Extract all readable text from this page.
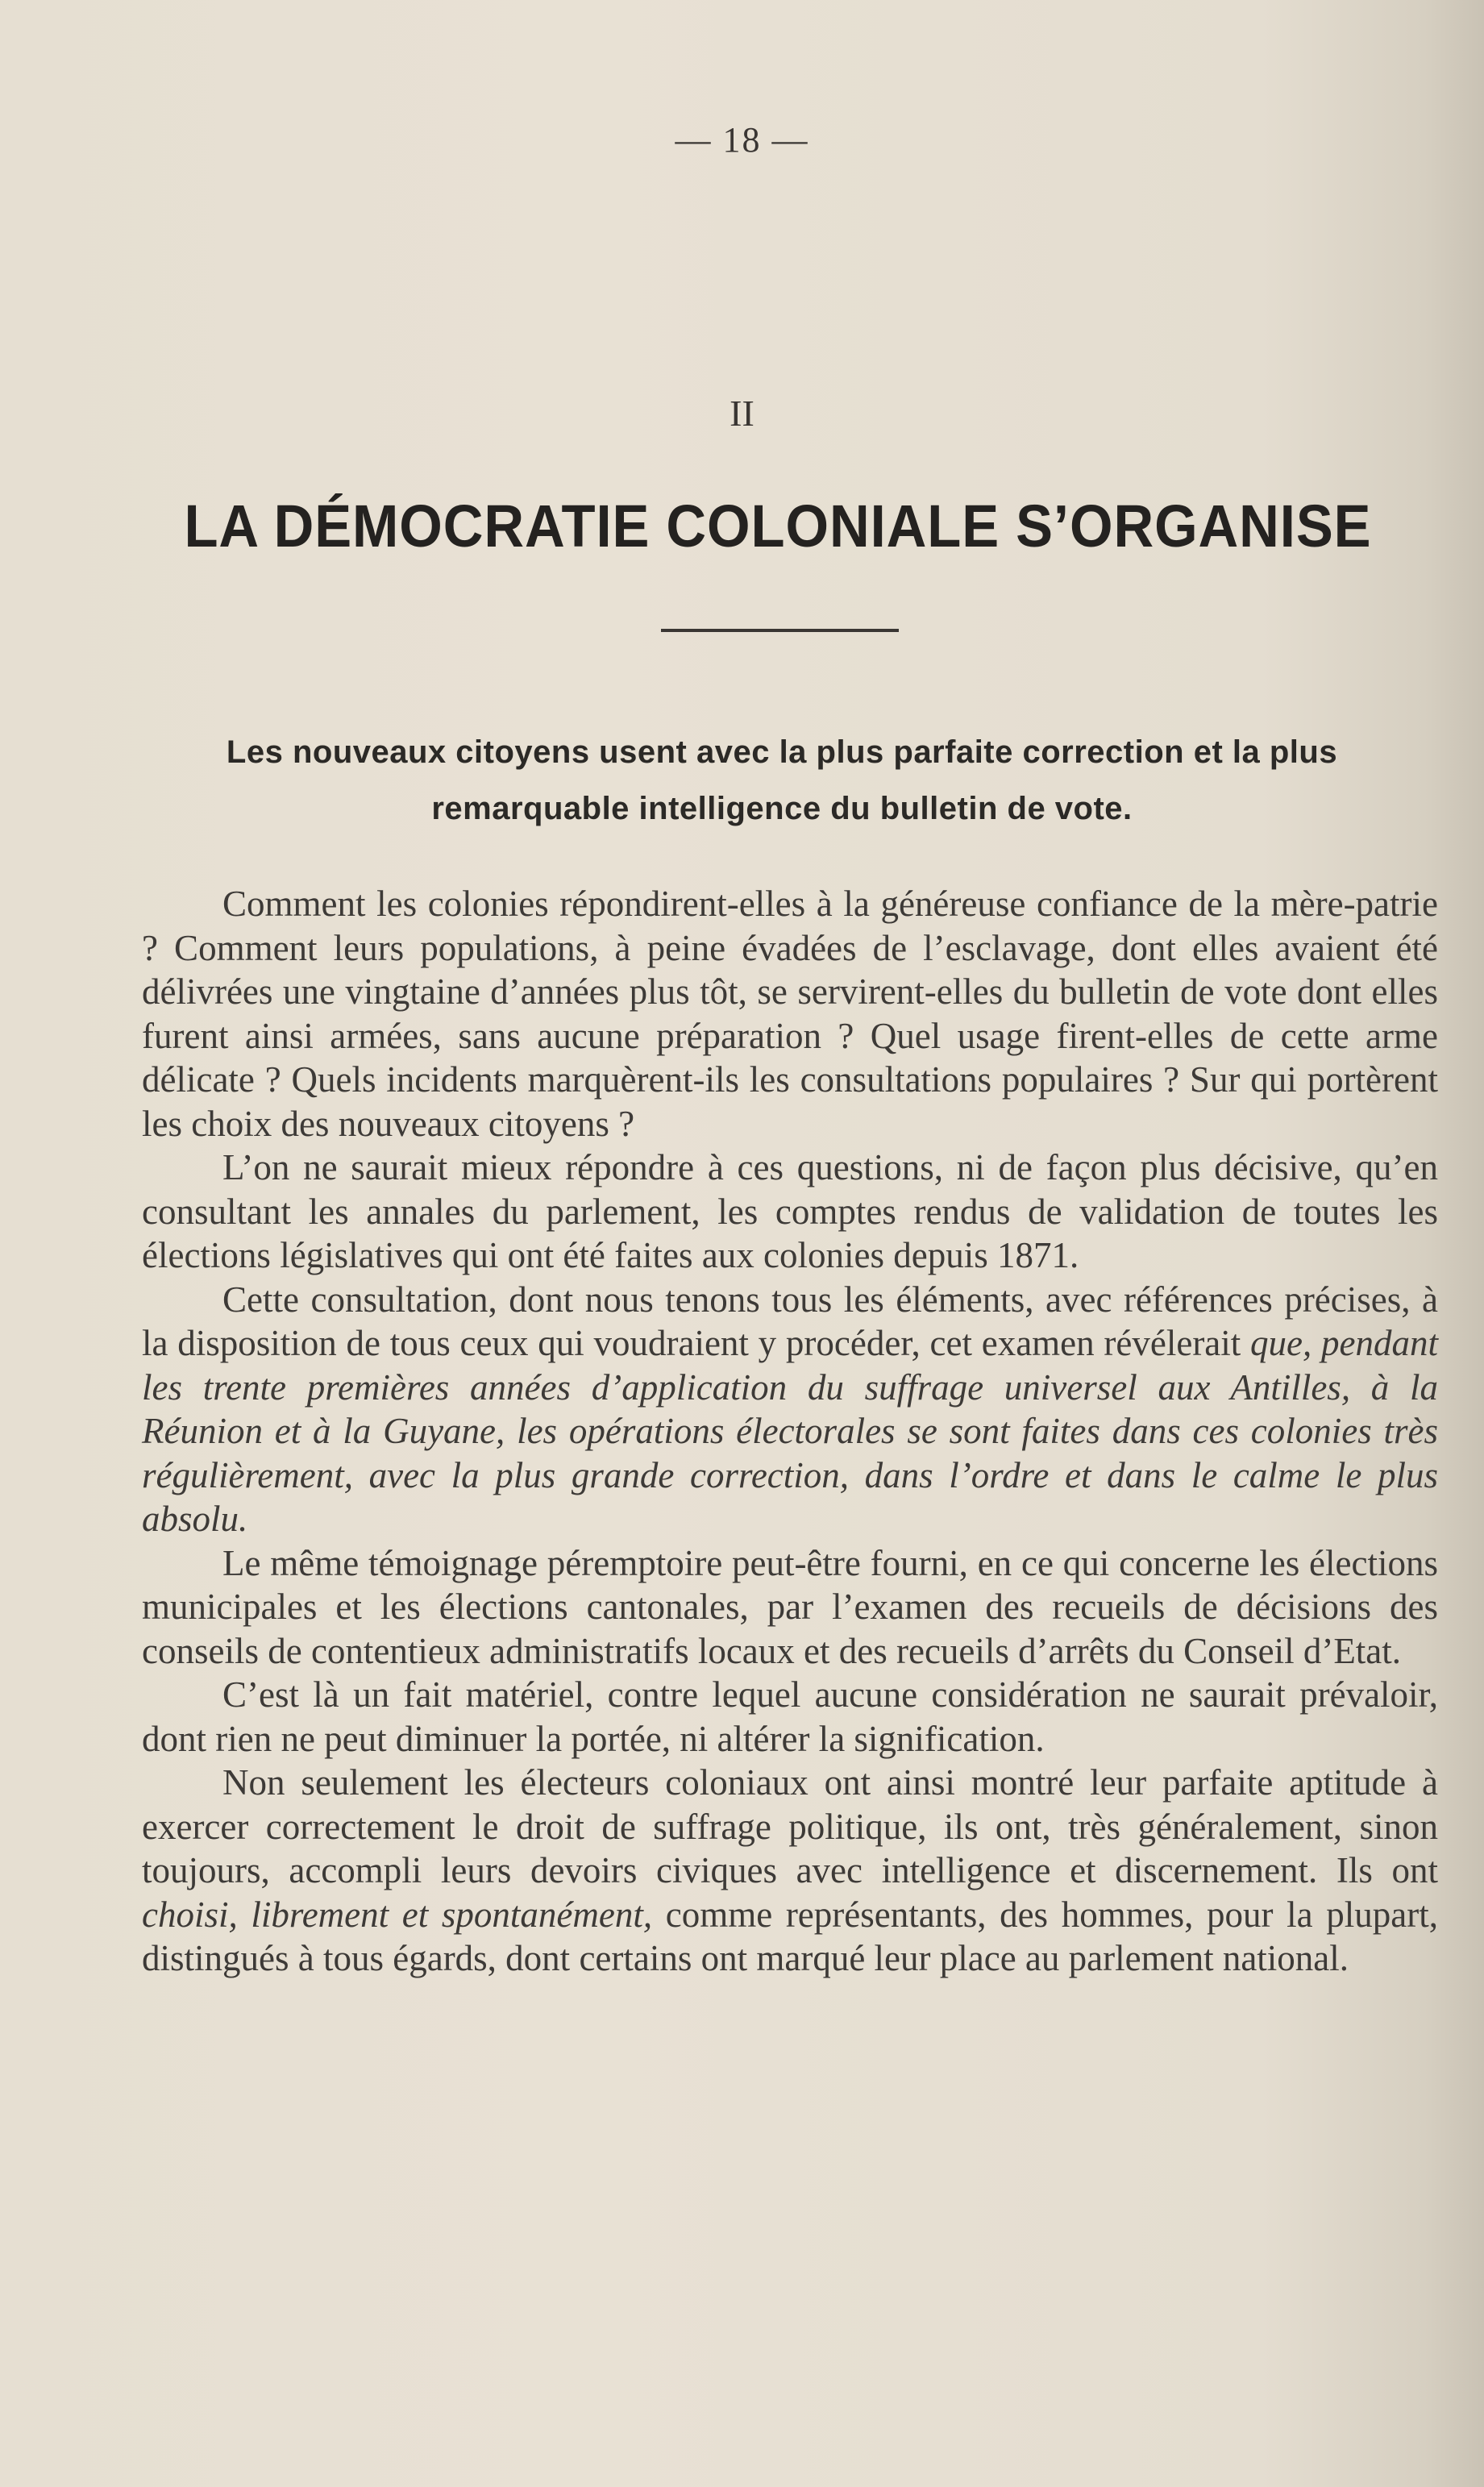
— 18 —
II
LA DÉMOCRATIE COLONIALE S’ORGANISE
Les nouveaux citoyens usent avec la plus parfaite correction et la plus remarquable intelligence du bulletin de vote.

Comment les colonies répondirent-elles à la généreuse confiance de la mère-patrie ? Comment leurs populations, à peine évadées de l’esclavage, dont elles avaient été délivrées une vingtaine d’années plus tôt, se servirent-elles du bulletin de vote dont elles furent ainsi armées, sans aucune préparation ? Quel usage firent-elles de cette arme délicate ? Quels incidents marquèrent-ils les consultations populaires ? Sur qui portèrent les choix des nouveaux citoyens ?

L’on ne saurait mieux répondre à ces questions, ni de façon plus décisive, qu’en consultant les annales du parlement, les comptes rendus de validation de toutes les élections législatives qui ont été faites aux colonies depuis 1871.

Cette consultation, dont nous tenons tous les éléments, avec références précises, à la disposition de tous ceux qui voudraient y procéder, cet examen révélerait que, pendant les trente premières années d’application du suffrage universel aux Antilles, à la Réunion et à la Guyane, les opérations électorales se sont faites dans ces colonies très régulièrement, avec la plus grande correction, dans l’ordre et dans le calme le plus absolu.

Le même témoignage péremptoire peut-être fourni, en ce qui concerne les élections municipales et les élections cantonales, par l’examen des recueils de décisions des conseils de contentieux administratifs locaux et des recueils d’arrêts du Conseil d’Etat.

C’est là un fait matériel, contre lequel aucune considération ne saurait prévaloir, dont rien ne peut diminuer la portée, ni altérer la signification.

Non seulement les électeurs coloniaux ont ainsi montré leur parfaite aptitude à exercer correctement le droit de suffrage politique, ils ont, très généralement, sinon toujours, accompli leurs devoirs civiques avec intelligence et discernement. Ils ont choisi, librement et spontanément, comme représentants, des hommes, pour la plupart, distingués à tous égards, dont certains ont marqué leur place au parlement national.
